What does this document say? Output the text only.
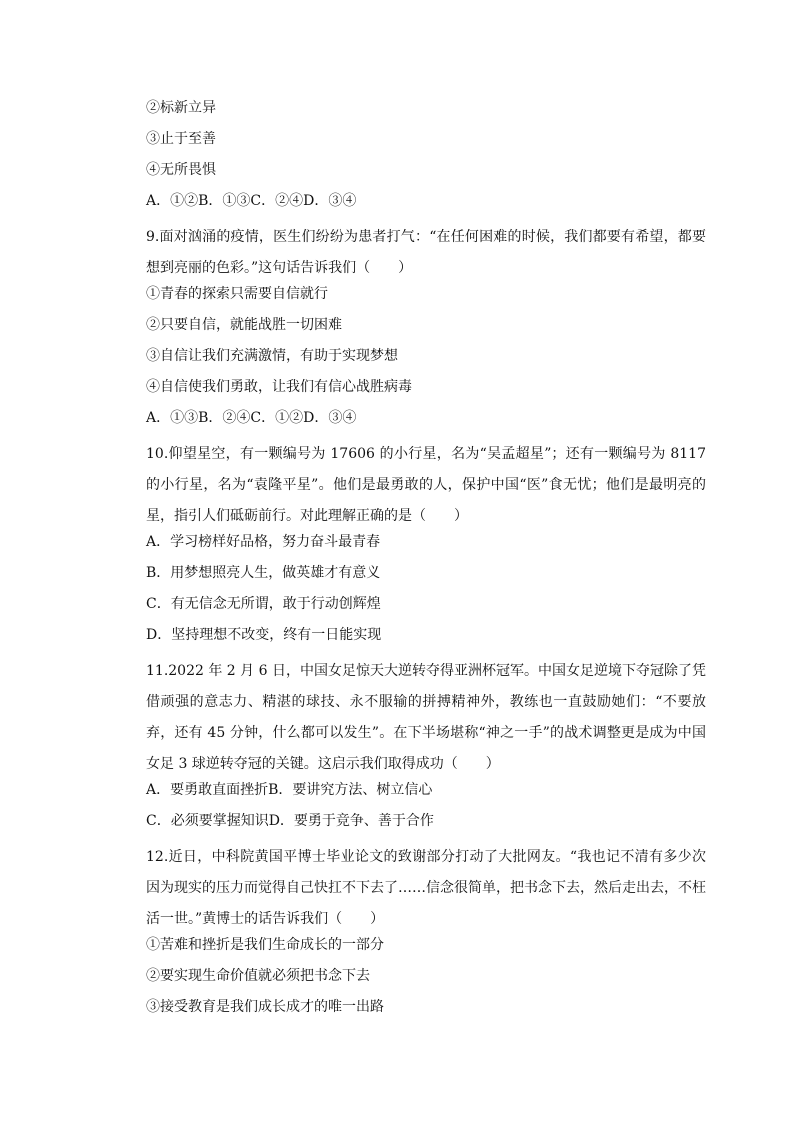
②标新立异
③止于至善
④无所畏惧
A．①②B．①③C．②④D．③④
9.面对汹涌的疫情，医生们纷纷为患者打气：“在任何困难的时候，我们都要有希望，都要想到亮丽的色彩。”这句话告诉我们（　　）
①青春的探索只需要自信就行
②只要自信，就能战胜一切困难
③自信让我们充满激情，有助于实现梦想
④自信使我们勇敢，让我们有信心战胜病毒
A．①③B．②④C．①②D．③④
10.仰望星空，有一颗编号为 17606 的小行星，名为“吴孟超星”；还有一颗编号为 8117 的小行星，名为“袁隆平星”。他们是最勇敢的人，保护中国“医”食无忧；他们是最明亮的星，指引人们砥砺前行。对此理解正确的是（　　）
A．学习榜样好品格，努力奋斗最青春
B．用梦想照亮人生，做英雄才有意义
C．有无信念无所谓，敢于行动创辉煌
D．坚持理想不改变，终有一日能实现
11.2022 年 2 月 6 日，中国女足惊天大逆转夺得亚洲杯冠军。中国女足逆境下夺冠除了凭借顽强的意志力、精湛的球技、永不服输的拼搏精神外，教练也一直鼓励她们：“不要放弃，还有 45 分钟，什么都可以发生”。在下半场堪称“神之一手”的战术调整更是成为中国女足 3 球逆转夺冠的关键。这启示我们取得成功（　　）
A．要勇敢直面挫折B．要讲究方法、树立信心
C．必须要掌握知识D．要勇于竞争、善于合作
12.近日，中科院黄国平博士毕业论文的致谢部分打动了大批网友。“我也记不清有多少次因为现实的压力而觉得自己快扛不下去了……信念很简单，把书念下去，然后走出去，不枉活一世。”黄博士的话告诉我们（　　）
①苦难和挫折是我们生命成长的一部分
②要实现生命价值就必须把书念下去
③接受教育是我们成长成才的唯一出路
